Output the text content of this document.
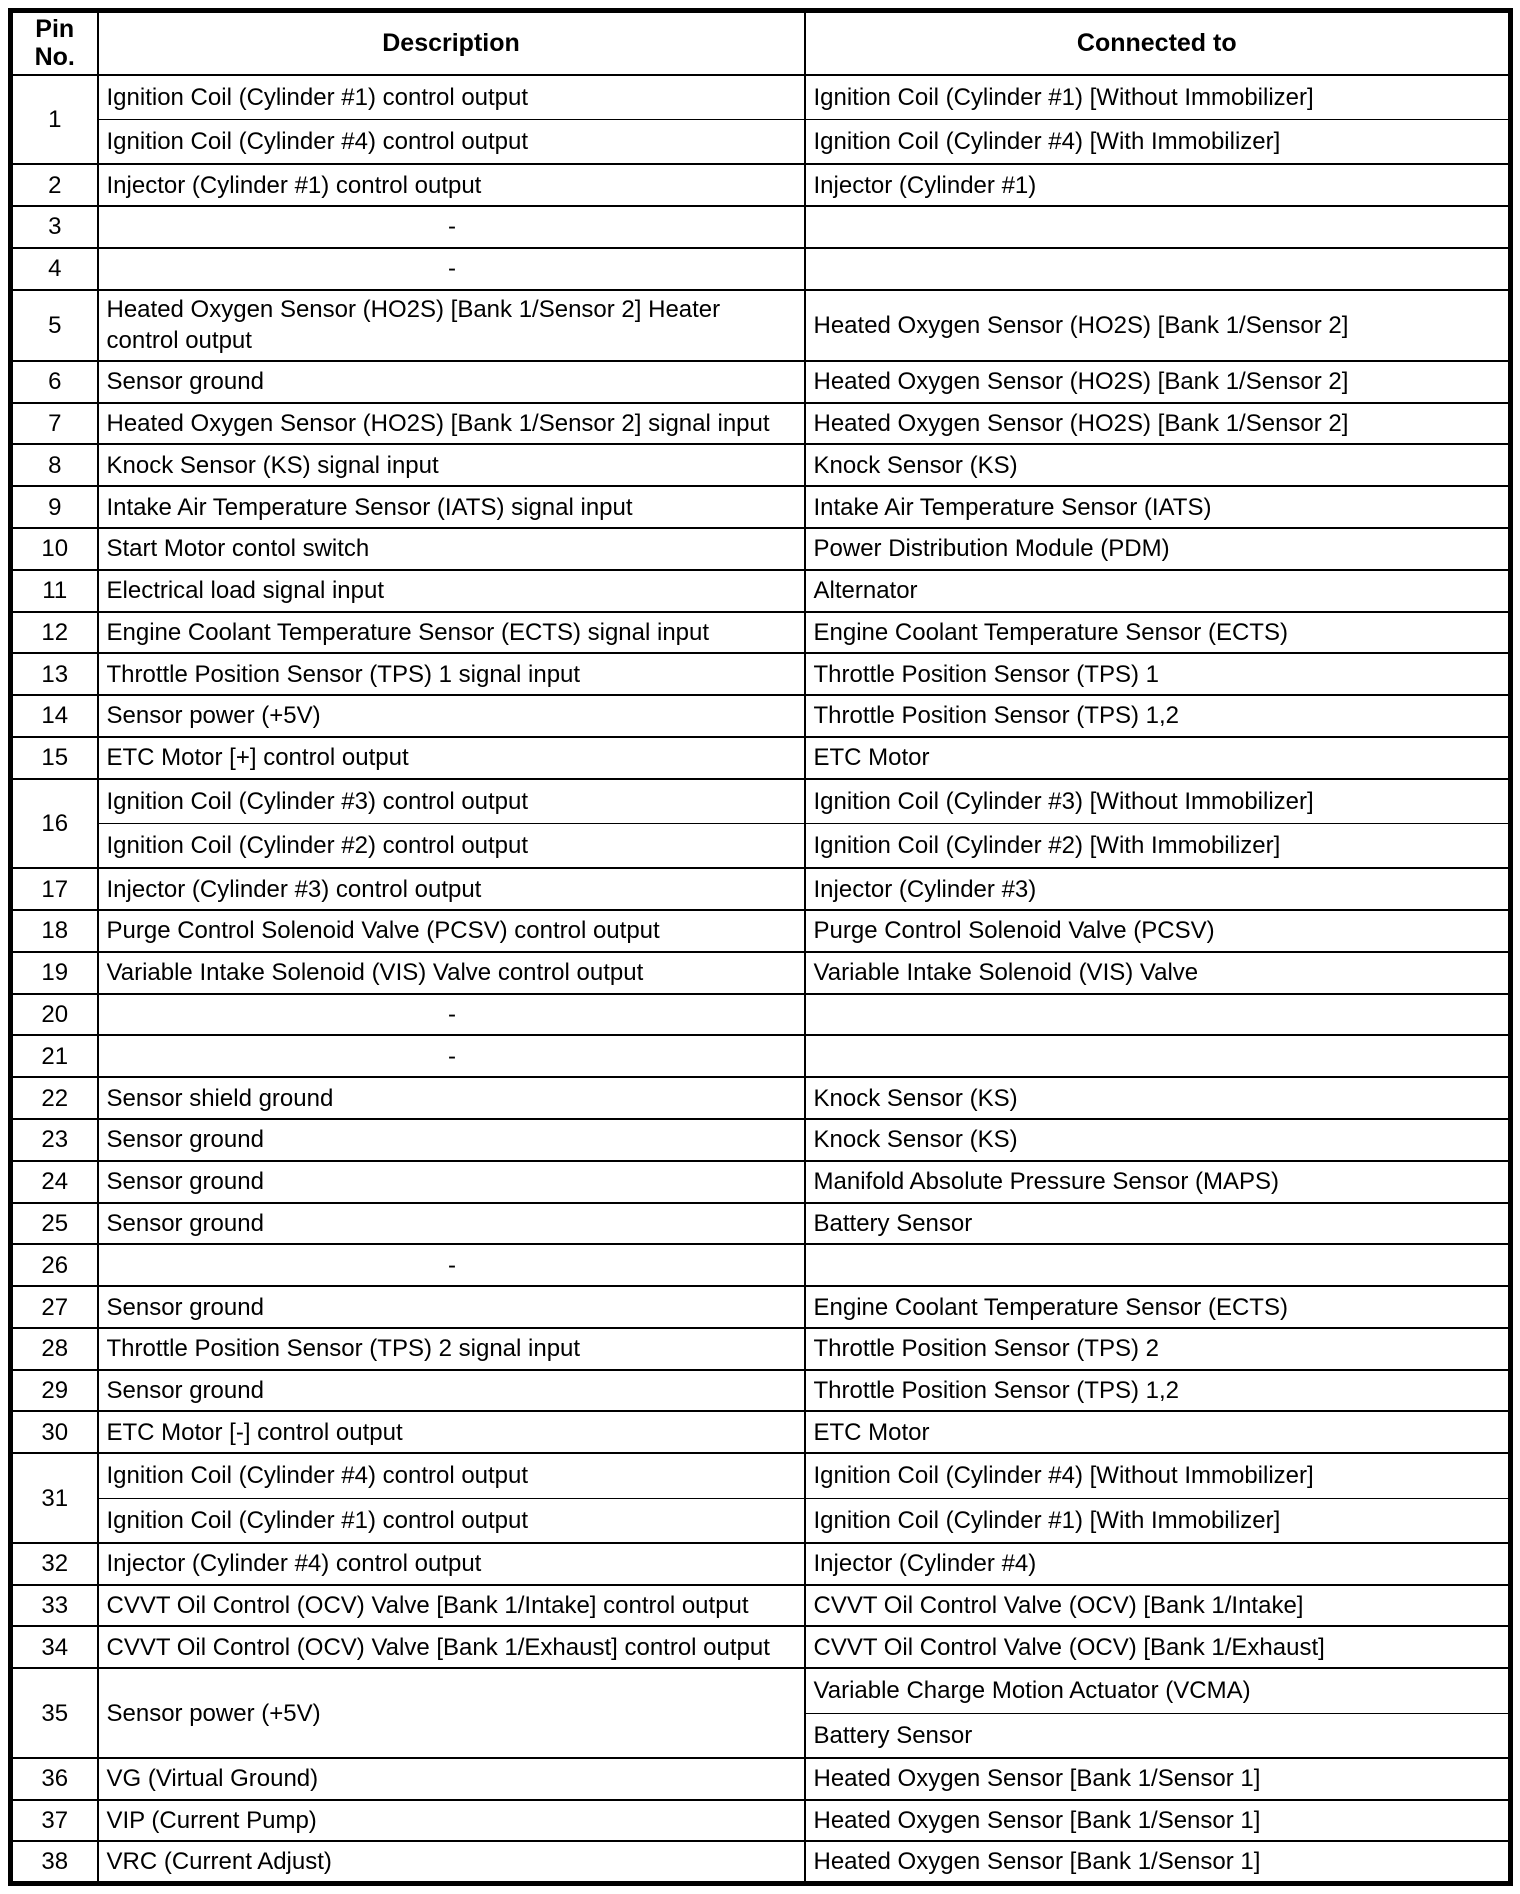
Pin
No.	Description	Connected to
1	Ignition Coil (Cylinder #1) control output	Ignition Coil (Cylinder #1) [Without Immobilizer]
	Ignition Coil (Cylinder #4) control output	Ignition Coil (Cylinder #4) [With Immobilizer]
2	Injector (Cylinder #1) control output	Injector (Cylinder #1)
3	-	
4	-	
5	Heated Oxygen Sensor (HO2S) [Bank 1/Sensor 2] Heater control output	Heated Oxygen Sensor (HO2S) [Bank 1/Sensor 2]
6	Sensor ground	Heated Oxygen Sensor (HO2S) [Bank 1/Sensor 2]
7	Heated Oxygen Sensor (HO2S) [Bank 1/Sensor 2] signal input	Heated Oxygen Sensor (HO2S) [Bank 1/Sensor 2]
8	Knock Sensor (KS) signal input	Knock Sensor (KS)
9	Intake Air Temperature Sensor (IATS) signal input	Intake Air Temperature Sensor (IATS)
10	Start Motor contol switch	Power Distribution Module (PDM)
11	Electrical load signal input	Alternator
12	Engine Coolant Temperature Sensor (ECTS) signal input	Engine Coolant Temperature Sensor (ECTS)
13	Throttle Position Sensor (TPS) 1 signal input	Throttle Position Sensor (TPS) 1
14	Sensor power (+5V)	Throttle Position Sensor (TPS) 1,2
15	ETC Motor [+] control output	ETC Motor
16	Ignition Coil (Cylinder #3) control output	Ignition Coil (Cylinder #3) [Without Immobilizer]
	Ignition Coil (Cylinder #2) control output	Ignition Coil (Cylinder #2) [With Immobilizer]
17	Injector (Cylinder #3) control output	Injector (Cylinder #3)
18	Purge Control Solenoid Valve (PCSV) control output	Purge Control Solenoid Valve (PCSV)
19	Variable Intake Solenoid (VIS) Valve control output	Variable Intake Solenoid (VIS) Valve
20	-	
21	-	
22	Sensor shield ground	Knock Sensor (KS)
23	Sensor ground	Knock Sensor (KS)
24	Sensor ground	Manifold Absolute Pressure Sensor (MAPS)
25	Sensor ground	Battery Sensor
26	-	
27	Sensor ground	Engine Coolant Temperature Sensor (ECTS)
28	Throttle Position Sensor (TPS) 2 signal input	Throttle Position Sensor (TPS) 2
29	Sensor ground	Throttle Position Sensor (TPS) 1,2
30	ETC Motor [-] control output	ETC Motor
31	Ignition Coil (Cylinder #4) control output	Ignition Coil (Cylinder #4) [Without Immobilizer]
	Ignition Coil (Cylinder #1) control output	Ignition Coil (Cylinder #1) [With Immobilizer]
32	Injector (Cylinder #4) control output	Injector (Cylinder #4)
33	CVVT Oil Control (OCV) Valve [Bank 1/Intake] control output	CVVT Oil Control Valve (OCV) [Bank 1/Intake]
34	CVVT Oil Control (OCV) Valve [Bank 1/Exhaust] control output	CVVT Oil Control Valve (OCV) [Bank 1/Exhaust]
35	Sensor power (+5V)	Variable Charge Motion Actuator (VCMA)
		Battery Sensor
36	VG (Virtual Ground)	Heated Oxygen Sensor [Bank 1/Sensor 1]
37	VIP (Current Pump)	Heated Oxygen Sensor [Bank 1/Sensor 1]
38	VRC (Current Adjust)	Heated Oxygen Sensor [Bank 1/Sensor 1]
